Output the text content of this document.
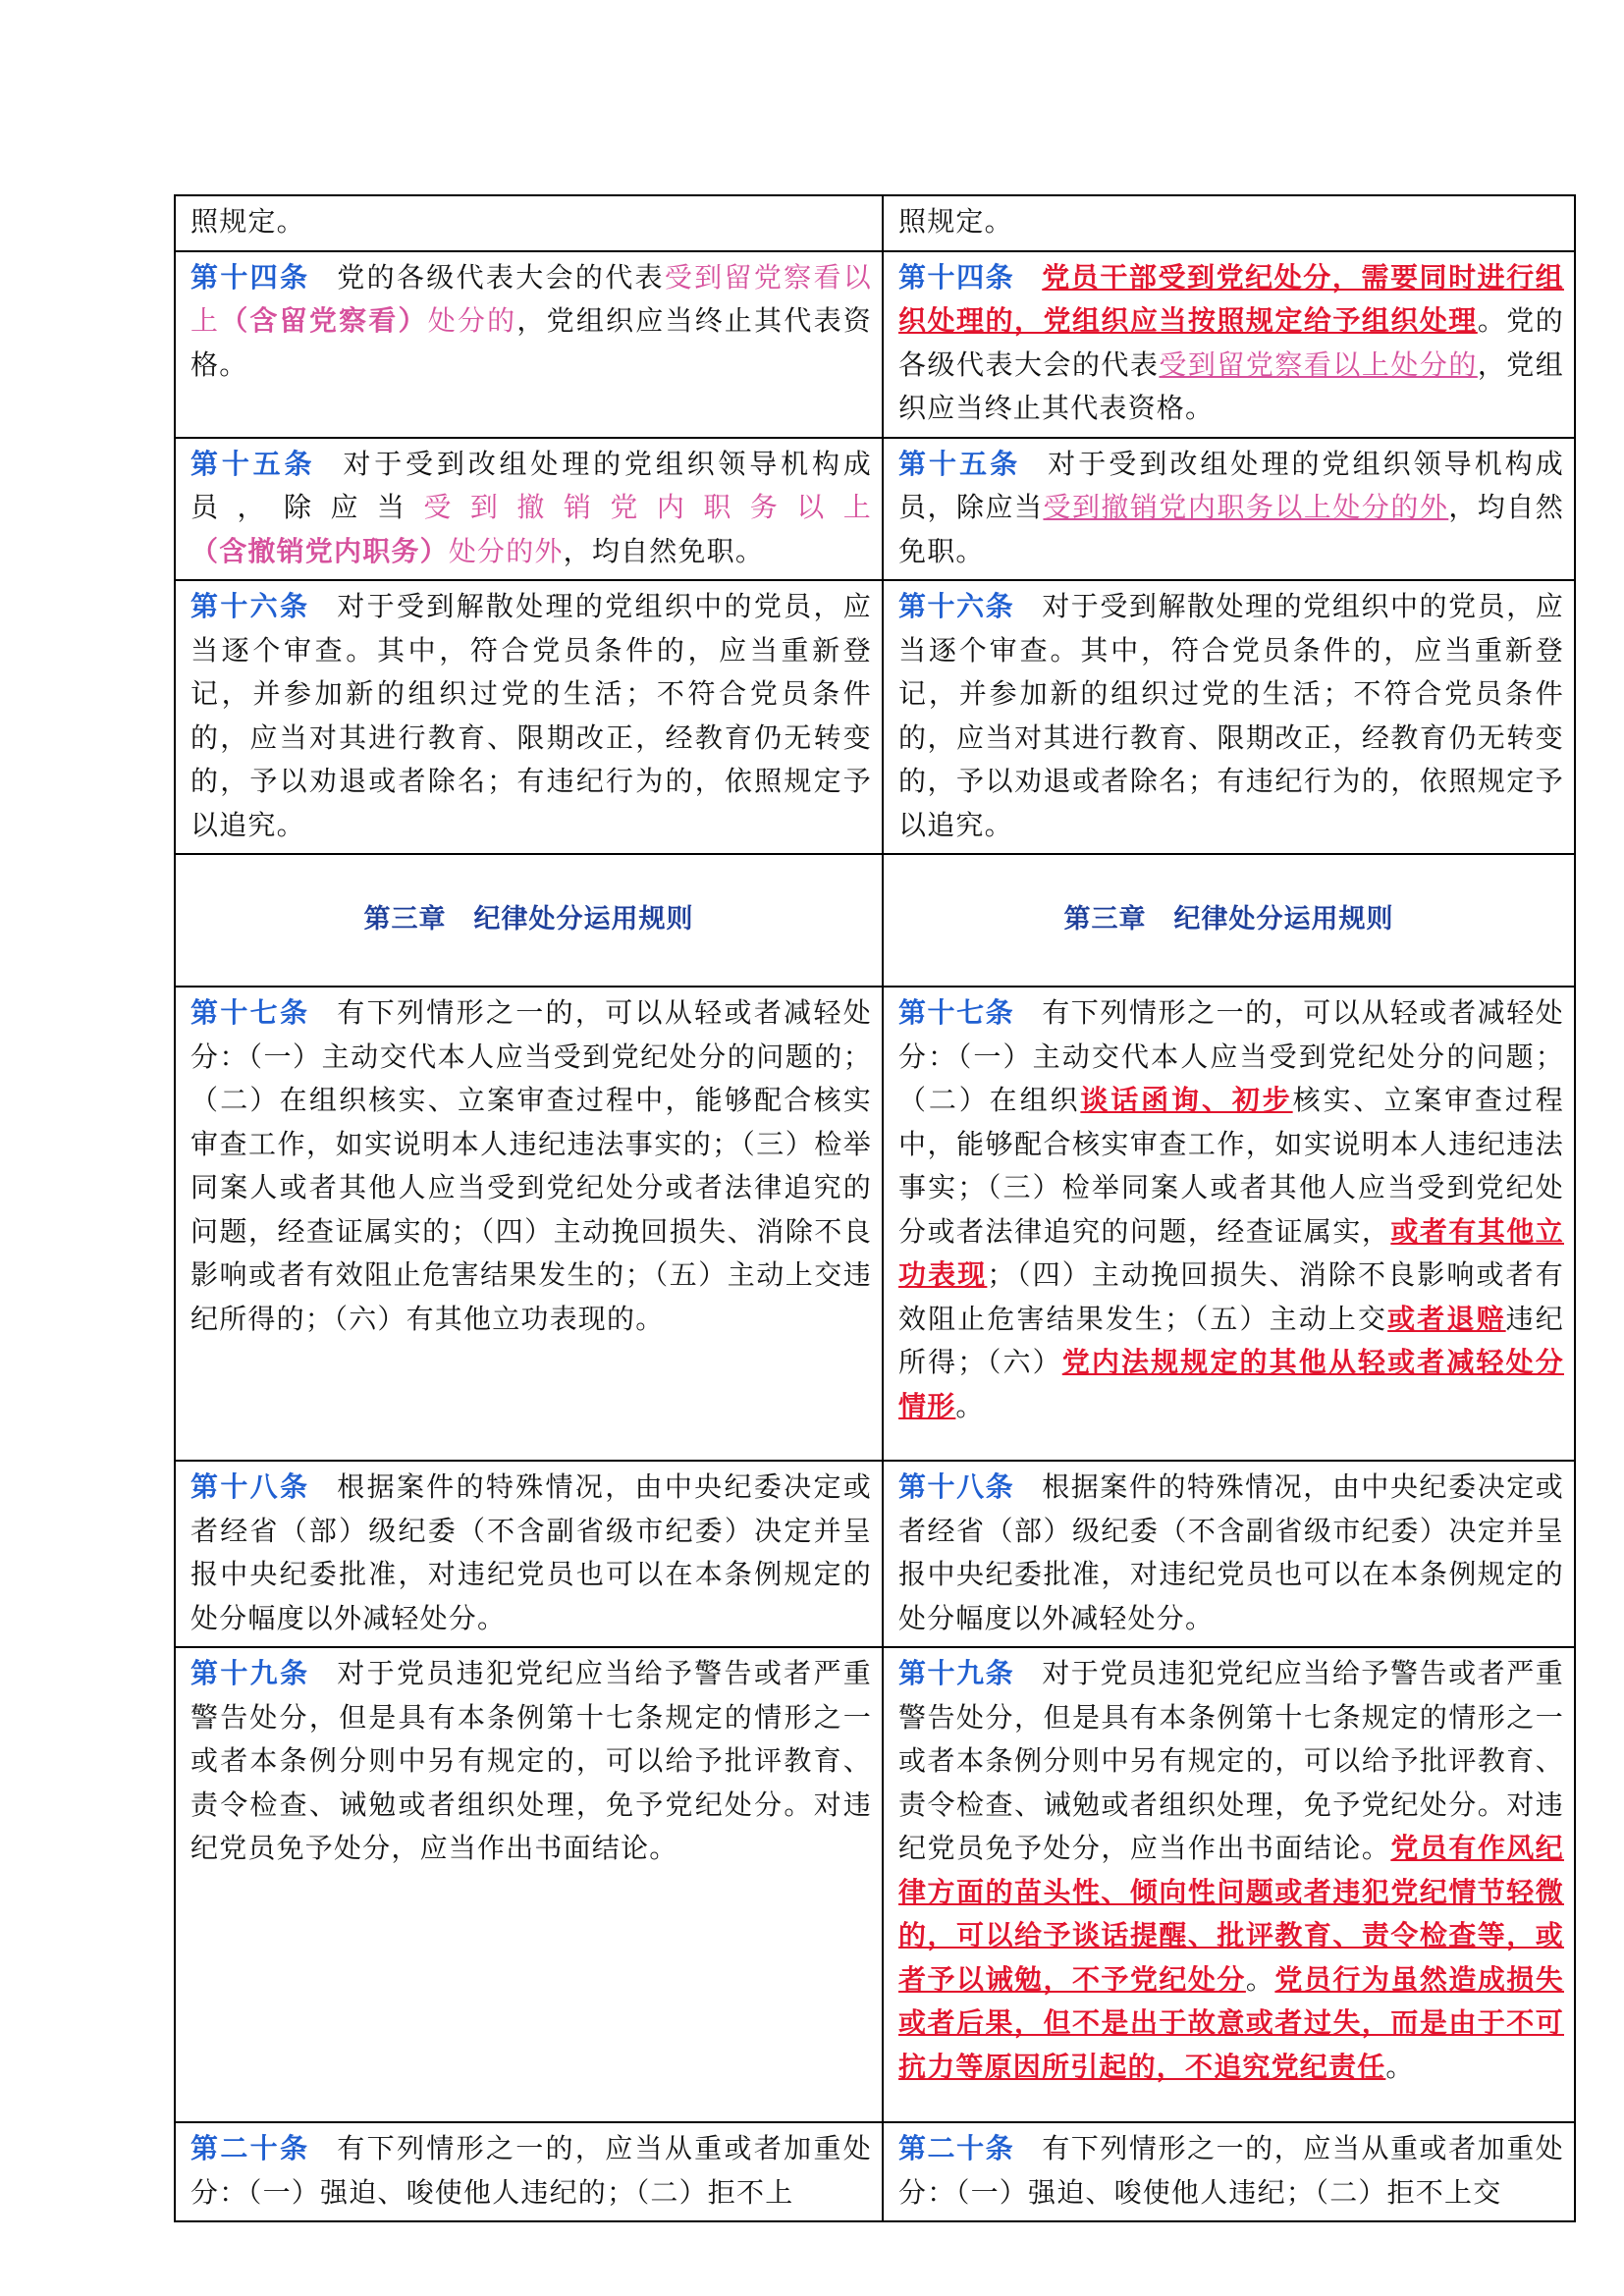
照规定。	照规定。
第十四条 党的各级代表大会的代表受到留党察看以上（含留党察看）处分的，党组织应当终止其代表资格。	第十四条 党员干部受到党纪处分，需要同时进行组织处理的，党组织应当按照规定给予组织处理。党的各级代表大会的代表受到留党察看以上处分的，党组织应当终止其代表资格。
第十五条 对于受到改组处理的党组织领导机构成员，除应当受到撤销党内职务以上（含撤销党内职务）处分的外，均自然免职。	第十五条 对于受到改组处理的党组织领导机构成员，除应当受到撤销党内职务以上处分的外，均自然免职。
第十六条 对于受到解散处理的党组织中的党员，应当逐个审查。其中，符合党员条件的，应当重新登记，并参加新的组织过党的生活；不符合党员条件的，应当对其进行教育、限期改正，经教育仍无转变的，予以劝退或者除名；有违纪行为的，依照规定予以追究。	第十六条 对于受到解散处理的党组织中的党员，应当逐个审查。其中，符合党员条件的，应当重新登记，并参加新的组织过党的生活；不符合党员条件的，应当对其进行教育、限期改正，经教育仍无转变的，予以劝退或者除名；有违纪行为的，依照规定予以追究。
第三章　纪律处分运用规则	第三章　纪律处分运用规则
第十七条 有下列情形之一的，可以从轻或者减轻处分：（一）主动交代本人应当受到党纪处分的问题的；（二）在组织核实、立案审查过程中，能够配合核实审查工作，如实说明本人违纪违法事实的；（三）检举同案人或者其他人应当受到党纪处分或者法律追究的问题，经查证属实的；（四）主动挽回损失、消除不良影响或者有效阻止危害结果发生的；（五）主动上交违纪所得的；（六）有其他立功表现的。	第十七条 有下列情形之一的，可以从轻或者减轻处分：（一）主动交代本人应当受到党纪处分的问题；（二）在组织谈话函询、初步核实、立案审查过程中，能够配合核实审查工作，如实说明本人违纪违法事实；（三）检举同案人或者其他人应当受到党纪处分或者法律追究的问题，经查证属实，或者有其他立功表现；（四）主动挽回损失、消除不良影响或者有效阻止危害结果发生；（五）主动上交或者退赔违纪所得；（六）党内法规规定的其他从轻或者减轻处分情形。
第十八条 根据案件的特殊情况，由中央纪委决定或者经省（部）级纪委（不含副省级市纪委）决定并呈报中央纪委批准，对违纪党员也可以在本条例规定的处分幅度以外减轻处分。	第十八条 根据案件的特殊情况，由中央纪委决定或者经省（部）级纪委（不含副省级市纪委）决定并呈报中央纪委批准，对违纪党员也可以在本条例规定的处分幅度以外减轻处分。
第十九条 对于党员违犯党纪应当给予警告或者严重警告处分，但是具有本条例第十七条规定的情形之一或者本条例分则中另有规定的，可以给予批评教育、责令检查、诫勉或者组织处理，免予党纪处分。对违纪党员免予处分，应当作出书面结论。	第十九条 对于党员违犯党纪应当给予警告或者严重警告处分，但是具有本条例第十七条规定的情形之一或者本条例分则中另有规定的，可以给予批评教育、责令检查、诫勉或者组织处理，免予党纪处分。对违纪党员免予处分，应当作出书面结论。党员有作风纪律方面的苗头性、倾向性问题或者违犯党纪情节轻微的，可以给予谈话提醒、批评教育、责令检查等，或者予以诫勉，不予党纪处分。党员行为虽然造成损失或者后果，但不是出于故意或者过失，而是由于不可抗力等原因所引起的，不追究党纪责任。
第二十条 有下列情形之一的，应当从重或者加重处分：（一）强迫、唆使他人违纪的；（二）拒不上	第二十条 有下列情形之一的，应当从重或者加重处分：（一）强迫、唆使他人违纪；（二）拒不上交
